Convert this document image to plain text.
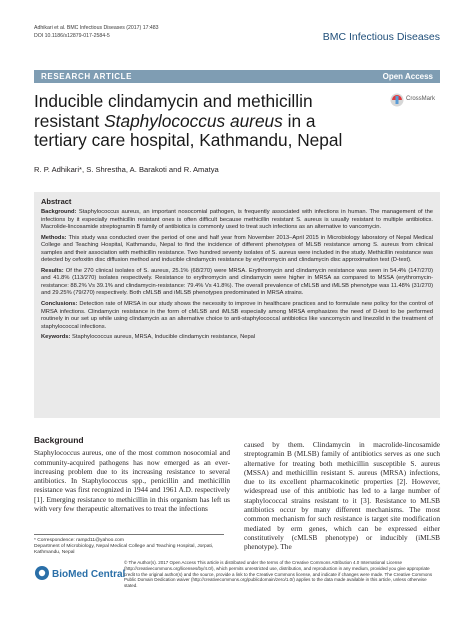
Adhikari et al. BMC Infectious Diseases (2017) 17:483
DOI 10.1186/s12879-017-2584-5	BMC Infectious Diseases
RESEARCH ARTICLE	Open Access
Inducible clindamycin and methicillin resistant Staphylococcus aureus in a tertiary care hospital, Kathmandu, Nepal
CrossMark
R. P. Adhikari*, S. Shrestha, A. Barakoti and R. Amatya
Abstract

Background: Staphylococcus aureus, an important nosocomial pathogen, is frequently associated with infections in human. The management of the infections by it especially methicillin resistant ones is often difficult because methicillin resistant S. aureus is usually resistant to multiple antibiotics. Macrolide-lincosamide streptogramin B family of antibiotics is commonly used to treat such infections as an alternative to vancomycin.

Methods: This study was conducted over the period of one and half year from November 2013–April 2015 in Microbiology laboratory of Nepal Medical College and Teaching Hospital, Kathmandu, Nepal to find the incidence of different phenotypes of MLSB resistance among S. aureus from clinical samples and their association with methicillin resistance. Two hundred seventy isolates of S. aureus were included in the study. Methicillin resistance was detected by cefoxitin disc diffusion method and inducible clindamycin resistance by erythromycin and clindamycin disc approximation test (D-test).

Results: Of the 270 clinical isolates of S. aureus, 25.1% (68/270) were MRSA. Erythromycin and clindamycin resistance was seen in 54.4% (147/270) and 41.8% (113/270) isolates respectively. Resistance to erythromycin and clindamycin were higher in MRSA as compared to MSSA (erythromycin-resistance: 88.2% Vs 39.1% and clindamycin-resistance: 79.4% Vs 41.8%). The overall prevalence of cMLSB and iMLSB phenotype was 11.48% (31/270) and 29.25% (79/270) respectively. Both cMLSB and iMLSB phenotypes predominated in MRSA strains.

Conclusions: Detection rate of MRSA in our study shows the necessity to improve in healthcare practices and to formulate new policy for the control of MRSA infections. Clindamycin resistance in the form of cMLSB and iMLSB especially among MRSA emphasizes the need of D-test to be performed routinely in our set up while using clindamycin as an alternative choice to anti-staphylococcal antibiotics like vancomycin and linezolid in the treatment of staphylococcal infections.

Keywords: Staphylococcus aureus, MRSA, Inducible clindamycin resistance, Nepal

Background

Staphylococcus aureus, one of the most common nosocomial and community-acquired pathogens has now emerged as an ever-increasing problem due to its increasing resistance to several antibiotics. In Staphylococcus spp., penicillin and methicillin resistance was first recognized in 1944 and 1961 A.D. respectively [1]. Emerging resistance to methicillin in this organism has left us with very few therapeutic alternatives to treat the infections

caused by them. Clindamycin in macrolide-lincosamide streptogramin B (MLSB) family of antibiotics serves as one such alternative for treating both methicillin susceptible S. aureus (MSSA) and methicillin resistant S. aureus (MRSA) infections, due to its excellent pharmacokinetic properties [2]. However, widespread use of this antibiotic has led to a large number of staphylococcal strains resistant to it [3]. Resistance to MLSB antibiotics occur by many different mechanisms. The most common mechanism for such resistance is target site modification mediated by erm genes, which can be expressed either constitutively (cMLSB phenotype) or inducibly (iMLSB phenotype). The

* Correspondence: rampd11@yahoo.com
Department of Microbiology, Nepal Medical College and Teaching Hospital, Jorpati, Kathmandu, Nepal
BioMed Central
© The Author(s). 2017 Open Access This article is distributed under the terms of the Creative Commons Attribution 4.0 International License (http://creativecommons.org/licenses/by/4.0/), which permits unrestricted use, distribution, and reproduction in any medium, provided you give appropriate credit to the original author(s) and the source, provide a link to the Creative Commons license, and indicate if changes were made. The Creative Commons Public Domain Dedication waiver (http://creativecommons.org/publicdomain/zero/1.0/) applies to the data made available in this article, unless otherwise stated.
